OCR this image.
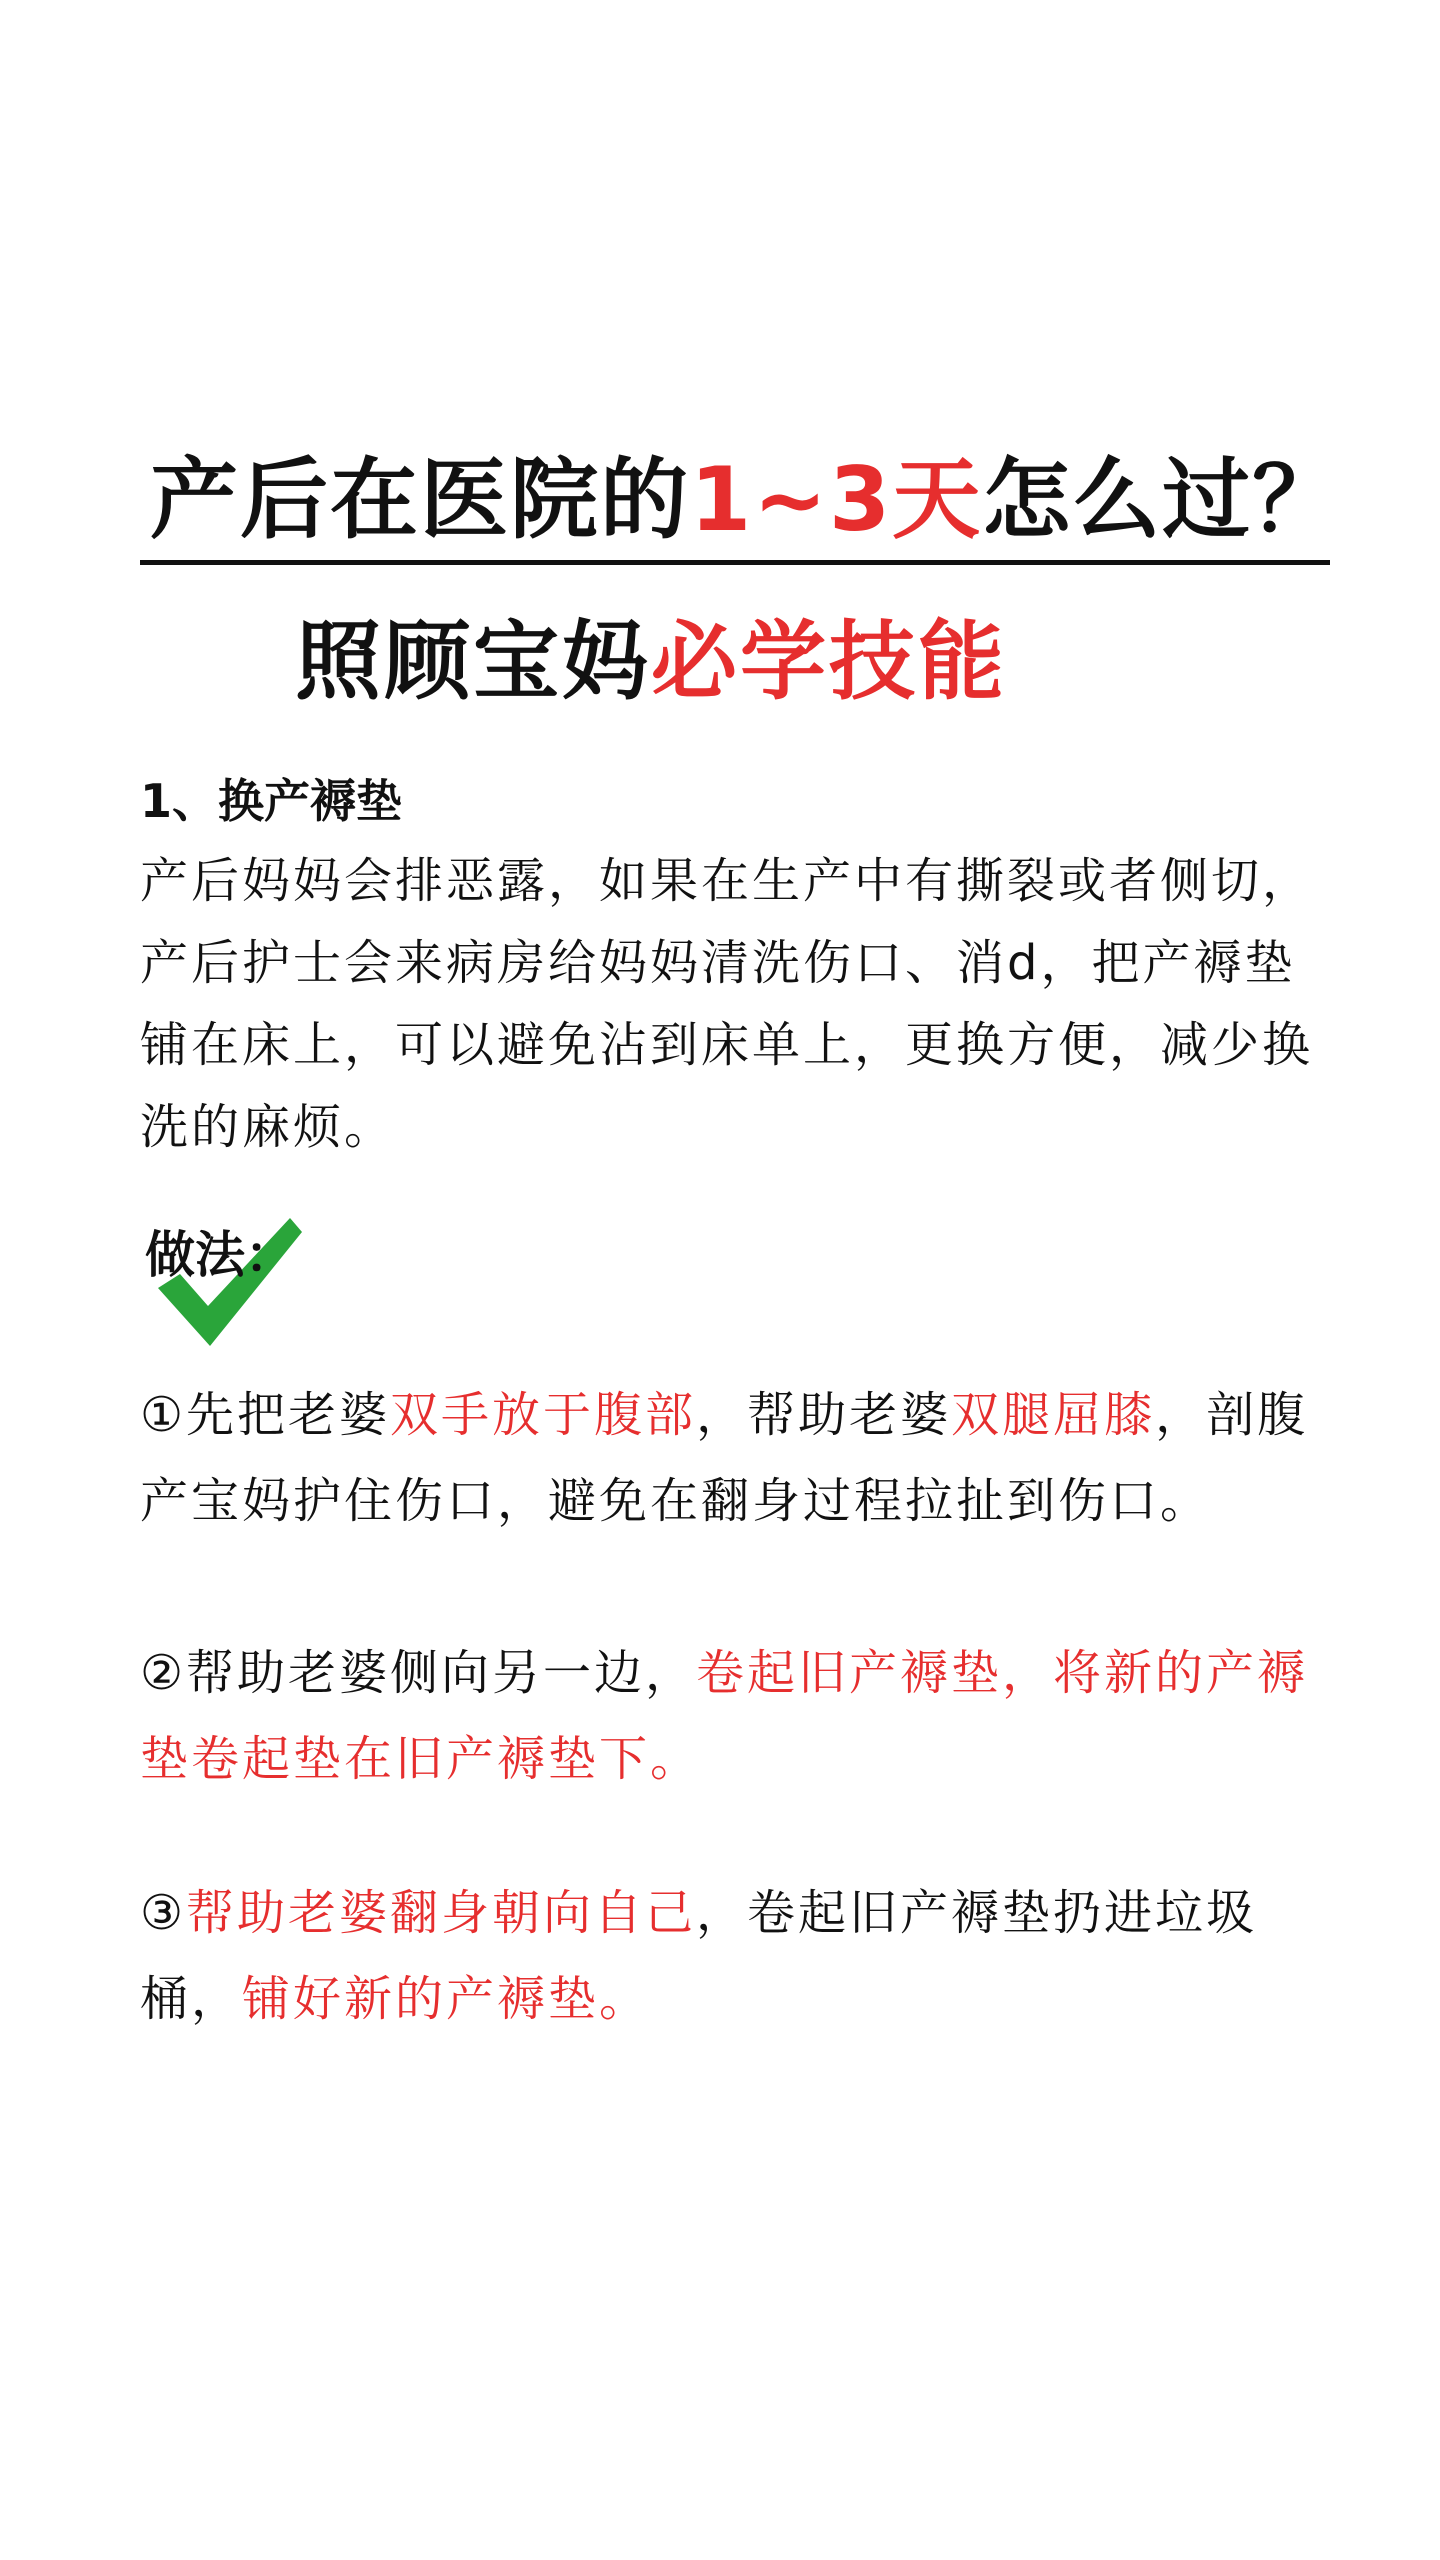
产后在医院的1~3天怎么过？
照顾宝妈必学技能
1、换产褥垫
产后妈妈会排恶露，如果在生产中有撕裂或者侧切，产后护士会来病房给妈妈清洗伤口、消d，把产褥垫铺在床上，可以避免沾到床单上，更换方便，减少换洗的麻烦。
做法：
①先把老婆双手放于腹部，帮助老婆双腿屈膝，剖腹产宝妈护住伤口，避免在翻身过程拉扯到伤口。
②帮助老婆侧向另一边，卷起旧产褥垫，将新的产褥垫卷起垫在旧产褥垫下。
③帮助老婆翻身朝向自己，卷起旧产褥垫扔进垃圾桶，铺好新的产褥垫。
